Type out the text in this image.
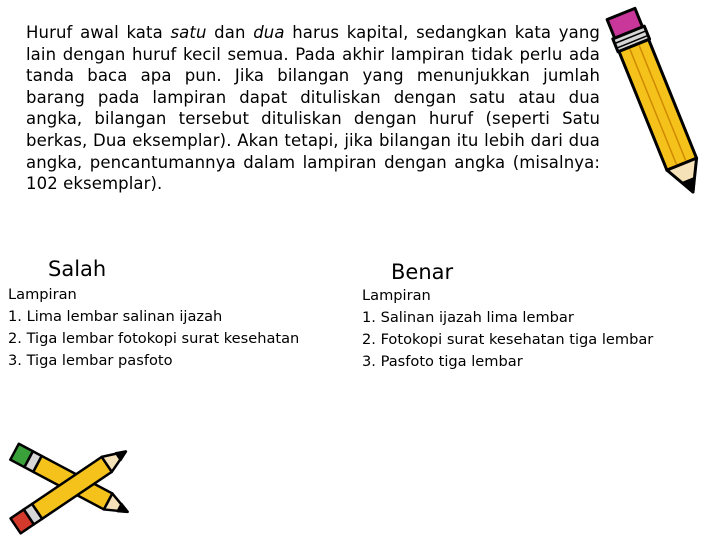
Huruf awal kata satu dan dua harus kapital, sedangkan kata yang lain dengan huruf kecil semua. Pada akhir lampiran tidak perlu ada tanda baca apa pun. Jika bilangan yang menunjukkan jumlah barang pada lampiran dapat dituliskan dengan satu atau dua angka, bilangan tersebut dituliskan dengan huruf (seperti Satu berkas, Dua eksemplar). Akan tetapi, jika bilangan itu lebih dari dua angka, pencantumannya dalam lampiran dengan angka (misalnya: 102 eksemplar).
Salah
Lampiran
1. Lima lembar salinan ijazah
2. Tiga lembar fotokopi surat kesehatan
3. Tiga lembar pasfoto
Benar
Lampiran
1. Salinan ijazah lima lembar
2. Fotokopi surat kesehatan tiga lembar
3. Pasfoto tiga lembar
